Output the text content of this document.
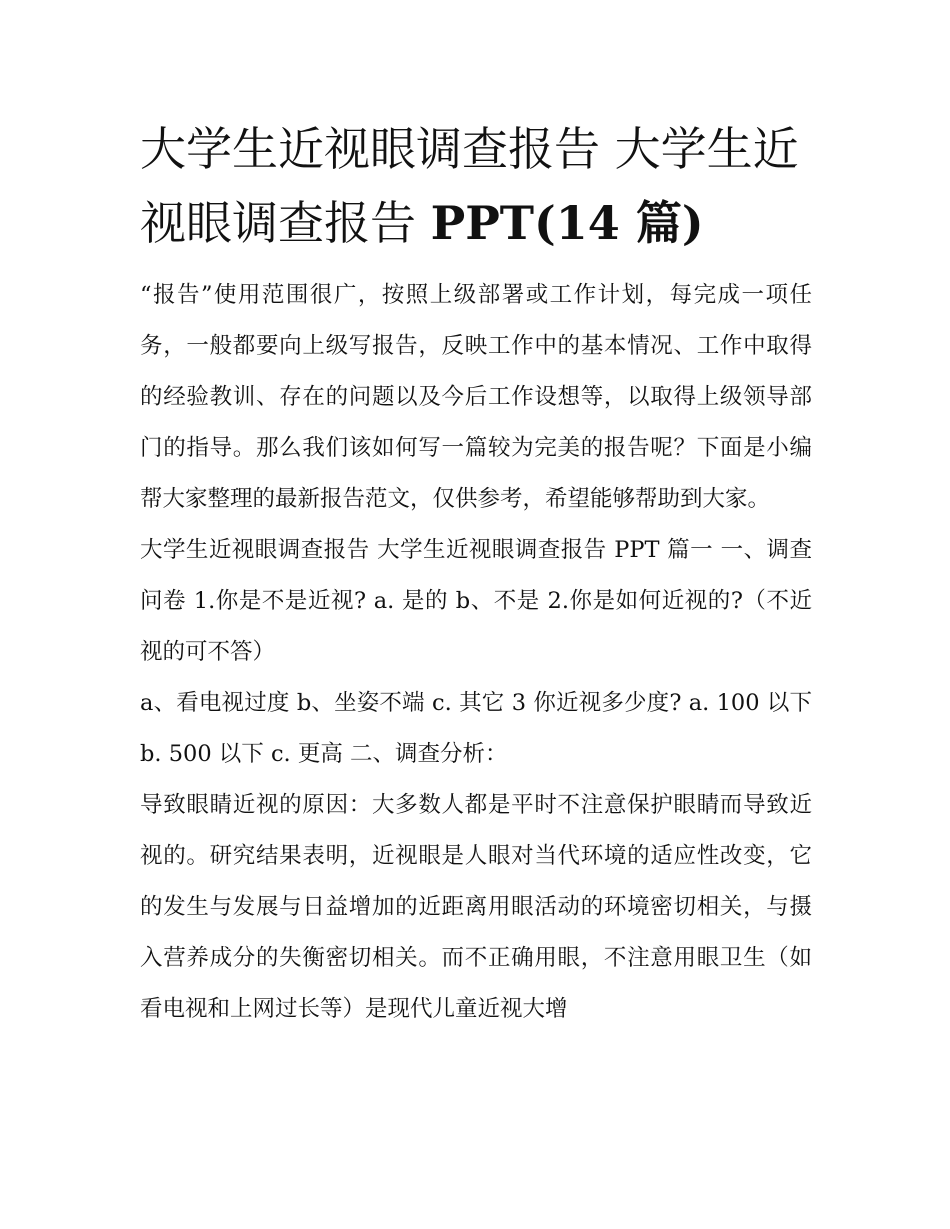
大学生近视眼调查报告 大学生近视眼调查报告 PPT(14 篇)

“报告”使用范围很广，按照上级部署或工作计划，每完成一项任务，一般都要向上级写报告，反映工作中的基本情况、工作中取得的经验教训、存在的问题以及今后工作设想等，以取得上级领导部门的指导。那么我们该如何写一篇较为完美的报告呢？下面是小编帮大家整理的最新报告范文，仅供参考，希望能够帮助到大家。

大学生近视眼调查报告 大学生近视眼调查报告 PPT 篇一 一、调查问卷 1.你是不是近视? a. 是的 b、不是 2.你是如何近视的?（不近视的可不答）

a、看电视过度 b、坐姿不端 c. 其它 3 你近视多少度? a. 100 以下 b. 500 以下 c. 更高 二、调查分析：

导致眼睛近视的原因：大多数人都是平时不注意保护眼睛而导致近视的。研究结果表明，近视眼是人眼对当代环境的适应性改变，它的发生与发展与日益增加的近距离用眼活动的环境密切相关，与摄入营养成分的失衡密切相关。而不正确用眼，不注意用眼卫生（如看电视和上网过长等）是现代儿童近视大增
